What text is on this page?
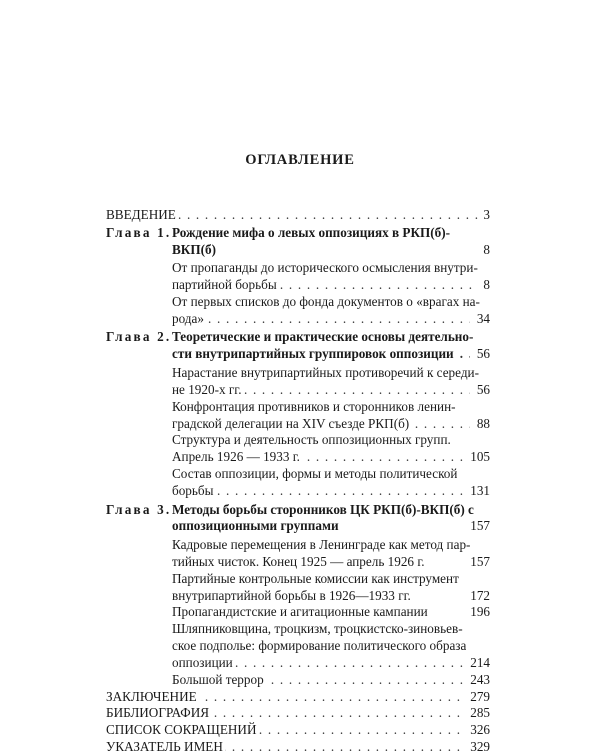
ОГЛАВЛЕНИЕ
ВВЕДЕНИЕ . . .	3
Глава 1. Рождение мифа о левых оппозициях в РКП(б)-
ВКП(б)	8
От пропаганды до исторического осмысления внутри-
партийной борьбы . . .	8
От первых списков до фонда документов о «врагах на-
рода» . . .	34
Глава 2. Теоретические и практические основы деятельно-
сти внутрипартийных группировок оппозиции . . .	56
Нарастание внутрипартийных противоречий к середи-
не 1920-х гг. . . .	56
Конфронтация противников и сторонников ленин-
градской делегации на XIV съезде РКП(б) . . .	88
Структура и деятельность оппозиционных групп.
Апрель 1926 — 1933 г. . . .	105
Состав оппозиции, формы и методы политической
борьбы . . .	131
Глава 3. Методы борьбы сторонников ЦК РКП(б)-ВКП(б) с
оппозиционными группами	157
Кадровые перемещения в Ленинграде как метод пар-
тийных чисток. Конец 1925 — апрель 1926 г.	157
Партийные контрольные комиссии как инструмент
внутрипартийной борьбы в 1926—1933 гг.	172
Пропагандистские и агитационные кампании	196
Шляпниковщина, троцкизм, троцкистско-зиновьев-
ское подполье: формирование политического образа
оппозиции . . .	214
Большой террор . . .	243
ЗАКЛЮЧЕНИЕ . . .	279
БИБЛИОГРАФИЯ . . .	285
СПИСОК СОКРАЩЕНИЙ . . .	326
УКАЗАТЕЛЬ ИМЕН . . .	329
